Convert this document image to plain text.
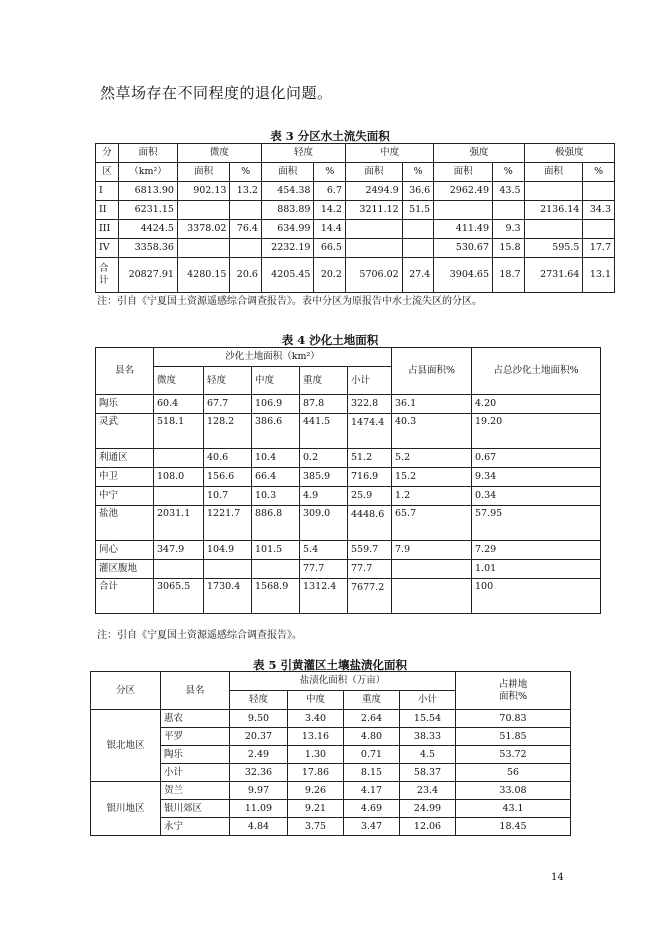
然草场存在不同程度的退化问题。
表 3 分区水土流失面积
分	面积	微度		轻度		中度		强度		极强度	
区	（km²）	面积	%	面积	%	面积	%	面积	%	面积	%
I	6813.90	902.13	13.2	454.38	6.7	2494.9	36.6	2962.49	43.5		
II	6231.15			883.89	14.2	3211.12	51.5			2136.14	34.3
III	4424.5	3378.02	76.4	634.99	14.4			411.49	9.3		
IV	3358.36			2232.19	66.5			530.67	15.8	595.5	17.7
合计	20827.91	4280.15	20.6	4205.45	20.2	5706.02	27.4	3904.65	18.7	2731.64	13.1
注：引自《宁夏国土资源遥感综合调查报告》。表中分区为原报告中水土流失区的分区。
表 4 沙化土地面积
县名	沙化土地面积（km²）					占县面积%	占总沙化土地面积%
	微度	轻度	中度	重度	小计		
陶乐	60.4	67.7	106.9	87.8	322.8	36.1	4.20
灵武	518.1	128.2	386.6	441.5	1474.4	40.3	19.20
利通区		40.6	10.4	0.2	51.2	5.2	0.67
中卫	108.0	156.6	66.4	385.9	716.9	15.2	9.34
中宁		10.7	10.3	4.9	25.9	1.2	0.34
盐池	2031.1	1221.7	886.8	309.0	4448.6	65.7	57.95
同心	347.9	104.9	101.5	5.4	559.7	7.9	7.29
灌区腹地				77.7	77.7		1.01
合计	3065.5	1730.4	1568.9	1312.4	7677.2		100
注：引自《宁夏国土资源遥感综合调查报告》。
表 5 引黄灌区土壤盐渍化面积
分区	县名	盐渍化面积（万亩）				占耕地
面积%

		轻度	中度	重度	小计	
银北地区	惠农	9.50	3.40	2.64	15.54	70.83
	平罗	20.37	13.16	4.80	38.33	51.85
	陶乐	2.49	1.30	0.71	4.5	53.72
	小计	32.36	17.86	8.15	58.37	56
银川地区	贺兰	9.97	9.26	4.17	23.4	33.08
	银川郊区	11.09	9.21	4.69	24.99	43.1
	永宁	4.84	3.75	3.47	12.06	18.45
14
